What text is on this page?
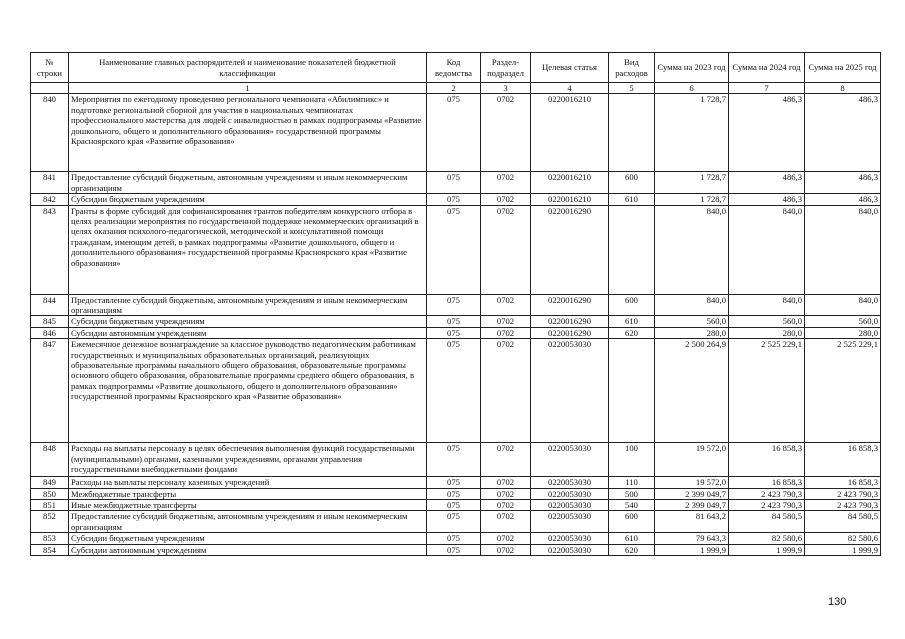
№ строки	Наименование главных распорядителей и наименование показателей бюджетной классификации	Код ведомства	Раздел-подраздел	Целевая статья	Вид расходов	Сумма на 2023 год	Сумма на 2024 год	Сумма на 2025 год
	1	2	3	4	5	6	7	8
840	Мероприятия по ежегодному проведению регионального чемпионата «Абилимпикс» и подготовке региональной сборной для участия в национальных чемпионатах профессионального мастерства для людей с инвалидностью в рамках подпрограммы «Развитие дошкольного, общего и дополнительного образования» государственной программы Красноярского края «Развитие образования»	075	0702	0220016210		1 728,7	486,3	486,3
841	Предоставление субсидий бюджетным, автономным учреждениям и иным некоммерческим организациям	075	0702	0220016210	600	1 728,7	486,3	486,3
842	Субсидии бюджетным учреждениям	075	0702	0220016210	610	1 728,7	486,3	486,3
843	Гранты в форме субсидий для софинансирования грантов победителям конкурсного отбора в целях реализации мероприятия по государственной поддержке некоммерческих организаций в целях оказания психолого-педагогической, методической и консультативной помощи гражданам, имеющим детей, в рамках подпрограммы «Развитие дошкольного, общего и дополнительного образования» государственной программы Красноярского края «Развитие образования»	075	0702	0220016290		840,0	840,0	840,0
844	Предоставление субсидий бюджетным, автономным учреждениям и иным некоммерческим организациям	075	0702	0220016290	600	840,0	840,0	840,0
845	Субсидии бюджетным учреждениям	075	0702	0220016290	610	560,0	560,0	560,0
846	Субсидии автономным учреждениям	075	0702	0220016290	620	280,0	280,0	280,0
847	Ежемесячное денежное вознаграждение за классное руководство педагогическим работникам государственных и муниципальных образовательных организаций, реализующих образовательные программы начального общего образования, образовательные программы основного общего образования, образовательные программы среднего общего образования, в рамках подпрограммы «Развитие дошкольного, общего и дополнительного образования» государственной программы Красноярского края «Развитие образования»	075	0702	0220053030		2 500 264,9	2 525 229,1	2 525 229,1
848	Расходы на выплаты персоналу в целях обеспечения выполнения функций государственными (муниципальными) органами, казенными учреждениями, органами управления государственными внебюджетными фондами	075	0702	0220053030	100	19 572,0	16 858,3	16 858,3
849	Расходы на выплаты персоналу казенных учреждений	075	0702	0220053030	110	19 572,0	16 858,3	16 858,3
850	Межбюджетные трансферты	075	0702	0220053030	500	2 399 049,7	2 423 790,3	2 423 790,3
851	Иные межбюджетные трансферты	075	0702	0220053030	540	2 399 049,7	2 423 790,3	2 423 790,3
852	Предоставление субсидий бюджетным, автономным учреждениям и иным некоммерческим организациям	075	0702	0220053030	600	81 643,2	84 580,5	84 580,5
853	Субсидии бюджетным учреждениям	075	0702	0220053030	610	79 643,3	82 580,6	82 580,6
854	Субсидии автономным учреждениям	075	0702	0220053030	620	1 999,9	1 999,9	1 999,9
130
